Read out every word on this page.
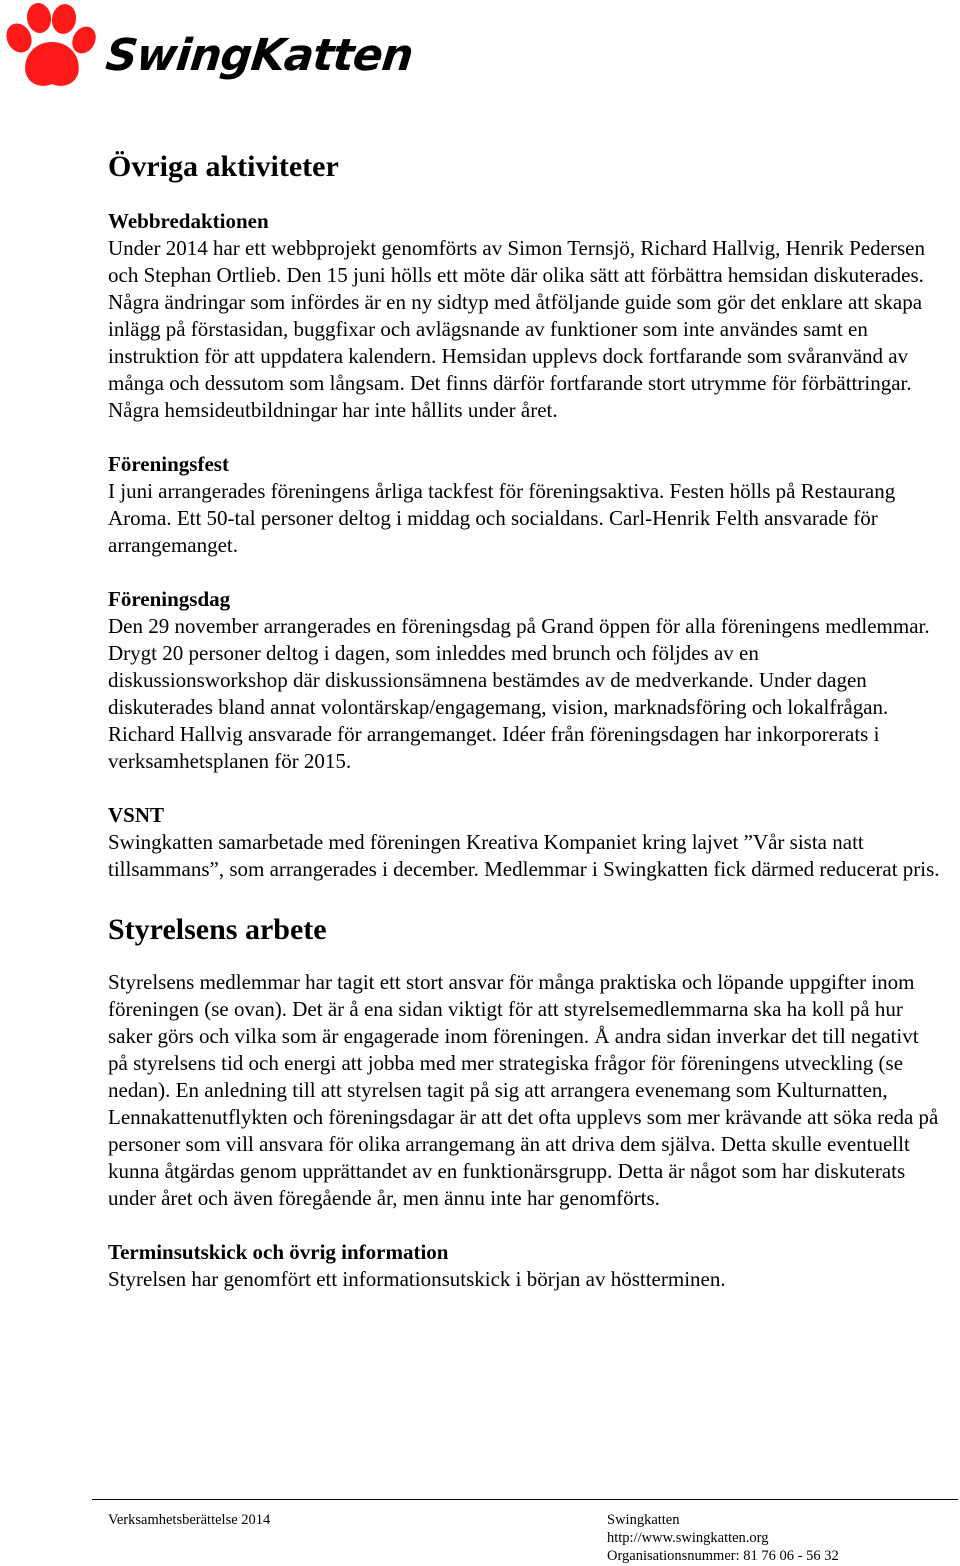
SwingKatten
Övriga aktiviteter
Webbredaktionen

Under 2014 har ett webbprojekt genomförts av Simon Ternsjö, Richard Hallvig, Henrik Pedersen och Stephan Ortlieb. Den 15 juni hölls ett möte där olika sätt att förbättra hemsidan diskuterades. Några ändringar som infördes är en ny sidtyp med åtföljande guide som gör det enklare att skapa inlägg på förstasidan, buggfixar och avlägsnande av funktioner som inte användes samt en instruktion för att uppdatera kalendern. Hemsidan upplevs dock fortfarande som svåranvänd av många och dessutom som långsam. Det finns därför fortfarande stort utrymme för förbättringar. Några hemsideutbildningar har inte hållits under året.

Föreningsfest

I juni arrangerades föreningens årliga tackfest för föreningsaktiva. Festen hölls på Restaurang Aroma. Ett 50-tal personer deltog i middag och socialdans. Carl-Henrik Felth ansvarade för arrangemanget.

Föreningsdag

Den 29 november arrangerades en föreningsdag på Grand öppen för alla föreningens medlemmar. Drygt 20 personer deltog i dagen, som inleddes med brunch och följdes av en diskussionsworkshop där diskussionsämnena bestämdes av de medverkande. Under dagen diskuterades bland annat volontärskap/engagemang, vision, marknadsföring och lokalfrågan. Richard Hallvig ansvarade för arrangemanget. Idéer från föreningsdagen har inkorporerats i verksamhetsplanen för 2015.

VSNT

Swingkatten samarbetade med föreningen Kreativa Kompaniet kring lajvet ”Vår sista natt tillsammans”, som arrangerades i december. Medlemmar i Swingkatten fick därmed reducerat pris.

Styrelsens arbete

Styrelsens medlemmar har tagit ett stort ansvar för många praktiska och löpande uppgifter inom föreningen (se ovan). Det är å ena sidan viktigt för att styrelsemedlemmarna ska ha koll på hur saker görs och vilka som är engagerade inom föreningen. Å andra sidan inverkar det till negativt på styrelsens tid och energi att jobba med mer strategiska frågor för föreningens utveckling (se nedan). En anledning till att styrelsen tagit på sig att arrangera evenemang som Kulturnatten, Lennakattenutflykten och föreningsdagar är att det ofta upplevs som mer krävande att söka reda på personer som vill ansvara för olika arrangemang än att driva dem själva. Detta skulle eventuellt kunna åtgärdas genom upprättandet av en funktionärsgrupp. Detta är något som har diskuterats under året och även föregående år, men ännu inte har genomförts.

Terminsutskick och övrig information

Styrelsen har genomfört ett informationsutskick i början av höstterminen.

Verksamhetsberättelse 2014	Swingkatten
http://www.swingkatten.org
Organisationsnummer: 81 76 06 - 56 32
